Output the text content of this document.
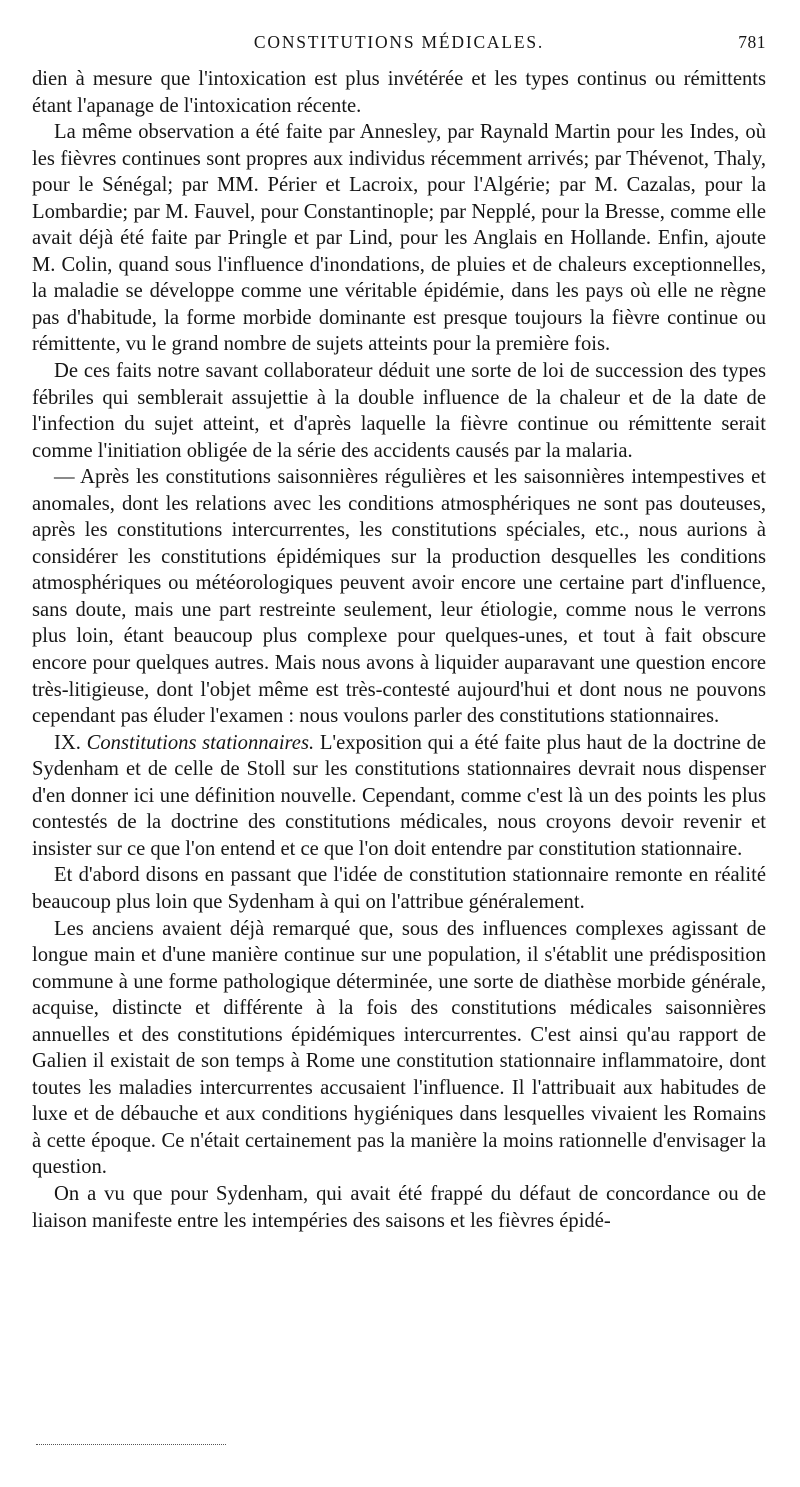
CONSTITUTIONS MÉDICALES.	781

dien à mesure que l'intoxication est plus invétérée et les types continus ou rémittents étant l'apanage de l'intoxication récente.

La même observation a été faite par Annesley, par Raynald Martin pour les Indes, où les fièvres continues sont propres aux individus récemment arrivés; par Thévenot, Thaly, pour le Sénégal; par MM. Périer et Lacroix, pour l'Algérie; par M. Cazalas, pour la Lombardie; par M. Fauvel, pour Constantinople; par Nepplé, pour la Bresse, comme elle avait déjà été faite par Pringle et par Lind, pour les Anglais en Hollande. Enfin, ajoute M. Colin, quand sous l'influence d'inondations, de pluies et de chaleurs exceptionnelles, la maladie se développe comme une véritable épidémie, dans les pays où elle ne règne pas d'habitude, la forme morbide dominante est presque toujours la fièvre continue ou rémittente, vu le grand nombre de sujets atteints pour la première fois.

De ces faits notre savant collaborateur déduit une sorte de loi de succession des types fébriles qui semblerait assujettie à la double influence de la chaleur et de la date de l'infection du sujet atteint, et d'après laquelle la fièvre continue ou rémittente serait comme l'initiation obligée de la série des accidents causés par la malaria.

— Après les constitutions saisonnières régulières et les saisonnières intempestives et anomales, dont les relations avec les conditions atmosphériques ne sont pas douteuses, après les constitutions intercurrentes, les constitutions spéciales, etc., nous aurions à considérer les constitutions épidémiques sur la production desquelles les conditions atmosphériques ou météorologiques peuvent avoir encore une certaine part d'influence, sans doute, mais une part restreinte seulement, leur étiologie, comme nous le verrons plus loin, étant beaucoup plus complexe pour quelques-unes, et tout à fait obscure encore pour quelques autres. Mais nous avons à liquider auparavant une question encore très-litigieuse, dont l'objet même est très-contesté aujourd'hui et dont nous ne pouvons cependant pas éluder l'examen : nous voulons parler des constitutions stationnaires.

IX. Constitutions stationnaires. L'exposition qui a été faite plus haut de la doctrine de Sydenham et de celle de Stoll sur les constitutions stationnaires devrait nous dispenser d'en donner ici une définition nouvelle. Cependant, comme c'est là un des points les plus contestés de la doctrine des constitutions médicales, nous croyons devoir revenir et insister sur ce que l'on entend et ce que l'on doit entendre par constitution stationnaire.

Et d'abord disons en passant que l'idée de constitution stationnaire remonte en réalité beaucoup plus loin que Sydenham à qui on l'attribue généralement.

Les anciens avaient déjà remarqué que, sous des influences complexes agissant de longue main et d'une manière continue sur une population, il s'établit une prédisposition commune à une forme pathologique déterminée, une sorte de diathèse morbide générale, acquise, distincte et différente à la fois des constitutions médicales saisonnières annuelles et des constitutions épidémiques intercurrentes. C'est ainsi qu'au rapport de Galien il existait de son temps à Rome une constitution stationnaire inflammatoire, dont toutes les maladies intercurrentes accusaient l'influence. Il l'attribuait aux habitudes de luxe et de débauche et aux conditions hygiéniques dans lesquelles vivaient les Romains à cette époque. Ce n'était certainement pas la manière la moins rationnelle d'envisager la question.

On a vu que pour Sydenham, qui avait été frappé du défaut de concordance ou de liaison manifeste entre les intempéries des saisons et les fièvres épidé-
